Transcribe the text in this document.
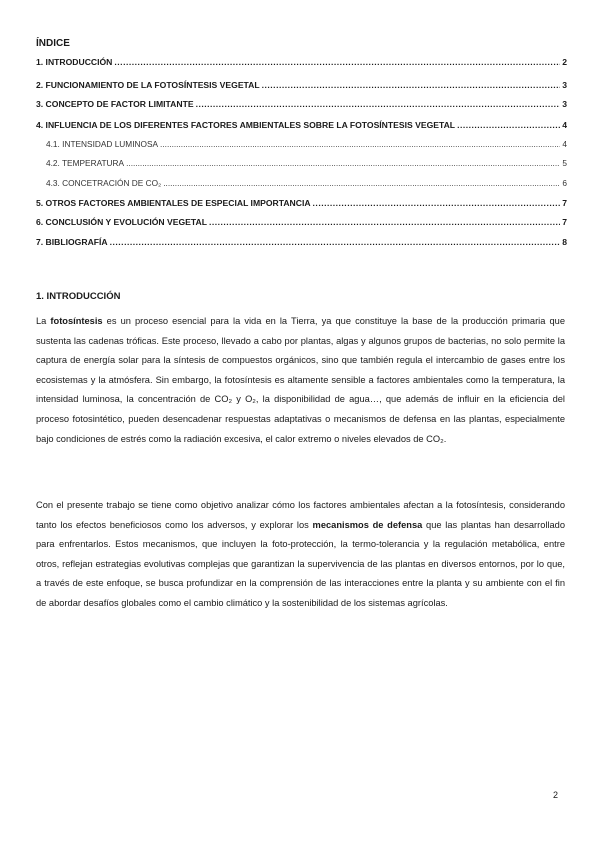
ÍNDICE
1. INTRODUCCIÓN .....	2
2. FUNCIONAMIENTO DE LA FOTOSÍNTESIS VEGETAL .....	3
3. CONCEPTO DE FACTOR LIMITANTE .....	3
4. INFLUENCIA DE LOS DIFERENTES FACTORES AMBIENTALES SOBRE LA FOTOSÍNTESIS VEGETAL .....	4
4.1. INTENSIDAD LUMINOSA .....	4
4.2. TEMPERATURA .....	5
4.3. CONCETRACIÓN DE CO₂ .....	6
5. OTROS FACTORES AMBIENTALES DE ESPECIAL IMPORTANCIA .....	7
6. CONCLUSIÓN Y EVOLUCIÓN VEGETAL .....	7
7. BIBLIOGRAFÍA .....	8
1. INTRODUCCIÓN

La fotosíntesis es un proceso esencial para la vida en la Tierra, ya que constituye la base de la producción primaria que sustenta las cadenas tróficas. Este proceso, llevado a cabo por plantas, algas y algunos grupos de bacterias, no solo permite la captura de energía solar para la síntesis de compuestos orgánicos, sino que también regula el intercambio de gases entre los ecosistemas y la atmósfera. Sin embargo, la fotosíntesis es altamente sensible a factores ambientales como la temperatura, la intensidad luminosa, la concentración de CO₂ y O₂, la disponibilidad de agua…, que además de influir en la eficiencia del proceso fotosintético, pueden desencadenar respuestas adaptativas o mecanismos de defensa en las plantas, especialmente bajo condiciones de estrés como la radiación excesiva, el calor extremo o niveles elevados de CO₂.

Con el presente trabajo se tiene como objetivo analizar cómo los factores ambientales afectan a la fotosíntesis, considerando tanto los efectos beneficiosos como los adversos, y explorar los mecanismos de defensa que las plantas han desarrollado para enfrentarlos. Estos mecanismos, que incluyen la foto-protección, la termo-tolerancia y la regulación metabólica, entre otros, reflejan estrategias evolutivas complejas que garantizan la supervivencia de las plantas en diversos entornos, por lo que, a través de este enfoque, se busca profundizar en la comprensión de las interacciones entre la planta y su ambiente con el fin de abordar desafíos globales como el cambio climático y la sostenibilidad de los sistemas agrícolas.

2
